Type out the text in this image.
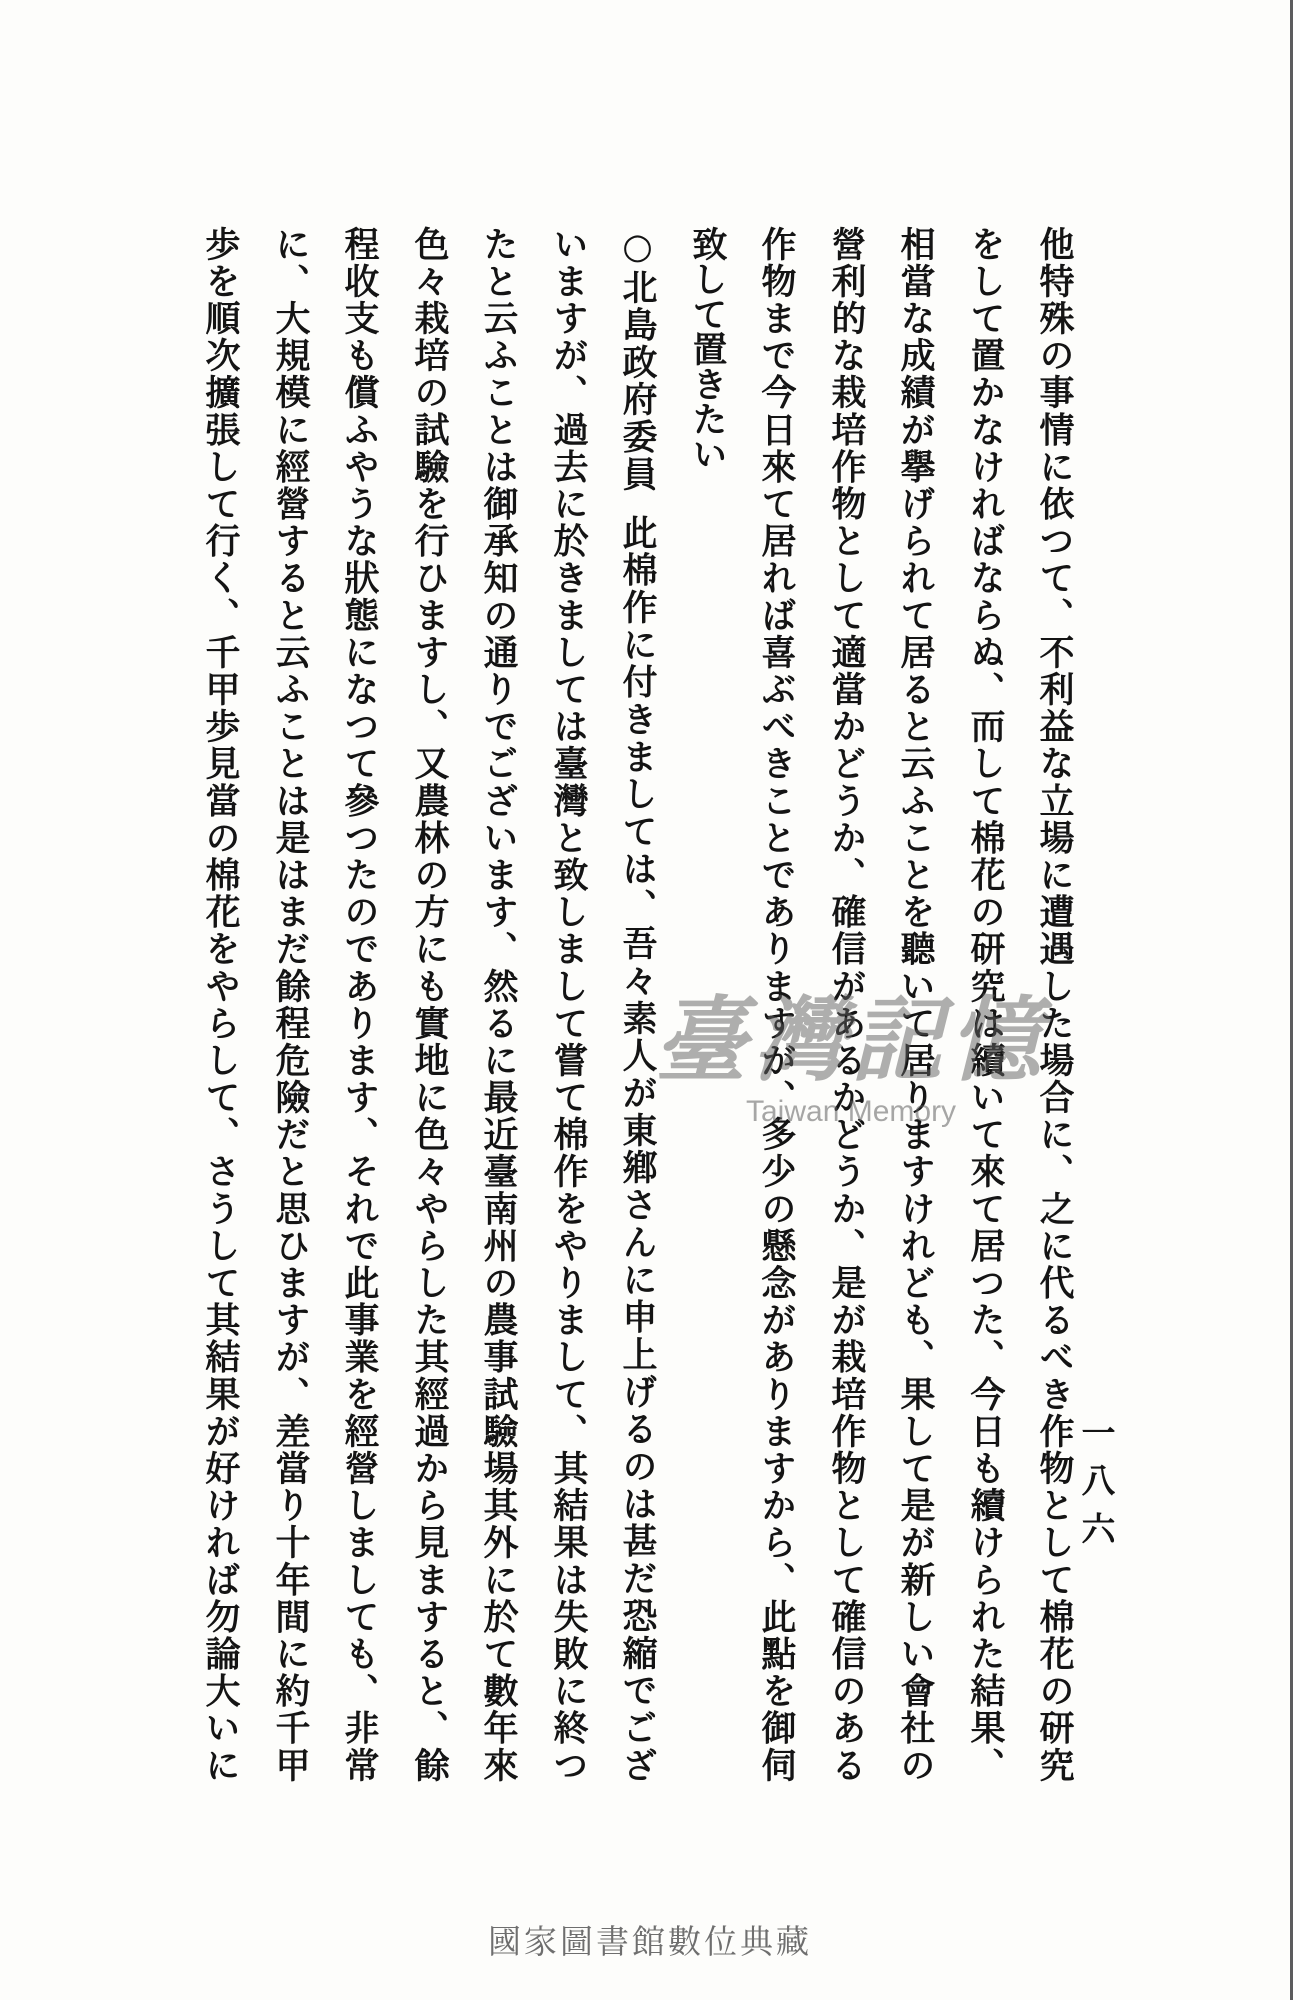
一八六
他特殊の事情に依つて、不利益な立場に遭遇した場合に、之に代るべき作物として棉花の研究
をして置かなければならぬ、而して棉花の研究は續いて來て居つた、今日も續けられた結果、
相當な成績が擧げられて居ると云ふことを聽いて居りますけれども、果して是が新しい會社の
營利的な栽培作物として適當かどうか、確信があるかどうか、是が栽培作物として確信のある
作物まで今日來て居れば喜ぶべきことでありますが、多少の懸念がありますから、此點を御伺
致して置きたい
○北島政府委員此棉作に付きましては、吾々素人が東鄕さんに申上げるのは甚だ恐縮でござ
いますが、過去に於きましては臺灣と致しまして嘗て棉作をやりまして、其結果は失敗に終つ
たと云ふことは御承知の通りでございます、然るに最近臺南州の農事試驗場其外に於て數年來
色々栽培の試驗を行ひますし、又農林の方にも實地に色々やらした其經過から見ますると、餘
程收支も償ふやうな狀態になつて參つたのであります、それで此事業を經營しましても、非常
に、大規模に經營すると云ふことは是はまだ餘程危險だと思ひますが、差當り十年間に約千甲
歩を順次擴張して行く、千甲歩見當の棉花をやらして、さうして其結果が好ければ勿論大いに	臺灣記憶
Taiwan Memory
國家圖書館數位典藏
